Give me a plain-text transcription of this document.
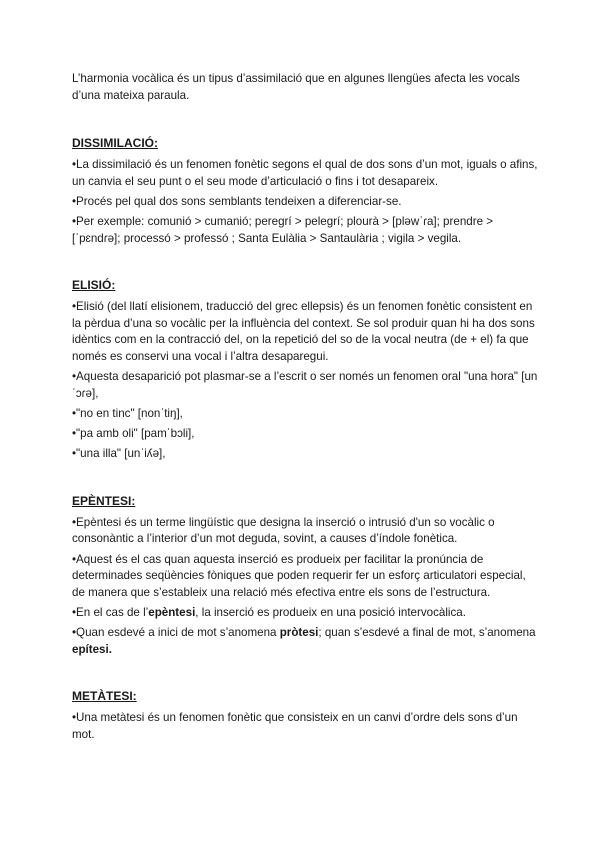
L’harmonia vocàlica és un tipus d’assimilació que en algunes llengües afecta les vocals d’una mateixa paraula.

DISSIMILACIÓ:

•La dissimilació és un fenomen fonètic segons el qual de dos sons d’un mot, iguals o afins, un canvia el seu punt o el seu mode d’articulació o fins i tot desapareix.

•Procés pel qual dos sons semblants tendeixen a diferenciar-se.

•Per exemple: comunió > cumanió; peregrí > pelegrí; plourà > [pləwˈɾa]; prendre > [ˈpɛndɾə]; processó > professó ; Santa Eulàlia > Santaulària ; vigila > vegila.

ELISIÓ:

•Elisió (del llatí elisionem, traducció del grec ellepsis) és un fenomen fonètic consistent en la pèrdua d’una so vocàlic per la influència del context. Se sol produir quan hi ha dos sons idèntics com en la contracció del, on la repetició del so de la vocal neutra (de + el) fa que només es conservi una vocal i l’altra desaparegui.

•Aquesta desaparició pot plasmar-se a l’escrit o ser només un fenomen oral "una hora" [unˈɔɾə],

•"no en tinc" [nonˈtiŋ],

•"pa amb oli" [pamˈbɔli],

•"una illa" [unˈiʎə],

EPÈNTESI:

•Epèntesi és un terme lingüístic que designa la inserció o intrusió d'un so vocàlic o consonàntic a l’interior d’un mot deguda, sovint, a causes d’índole fonètica.

•Aquest és el cas quan aquesta inserció es produeix per facilitar la pronúncia de determinades seqüències fòniques que poden requerir fer un esforç articulatori especial, de manera que s’estableix una relació més efectiva entre els sons de l’estructura.

•En el cas de l’epèntesi, la inserció es produeix en una posició intervocàlica.

•Quan esdevé a inici de mot s’anomena pròtesi; quan s’esdevé a final de mot, s’anomena epítesi.

METÀTESI:

•Una metàtesi és un fenomen fonètic que consisteix en un canvi d’ordre dels sons d’un mot.
